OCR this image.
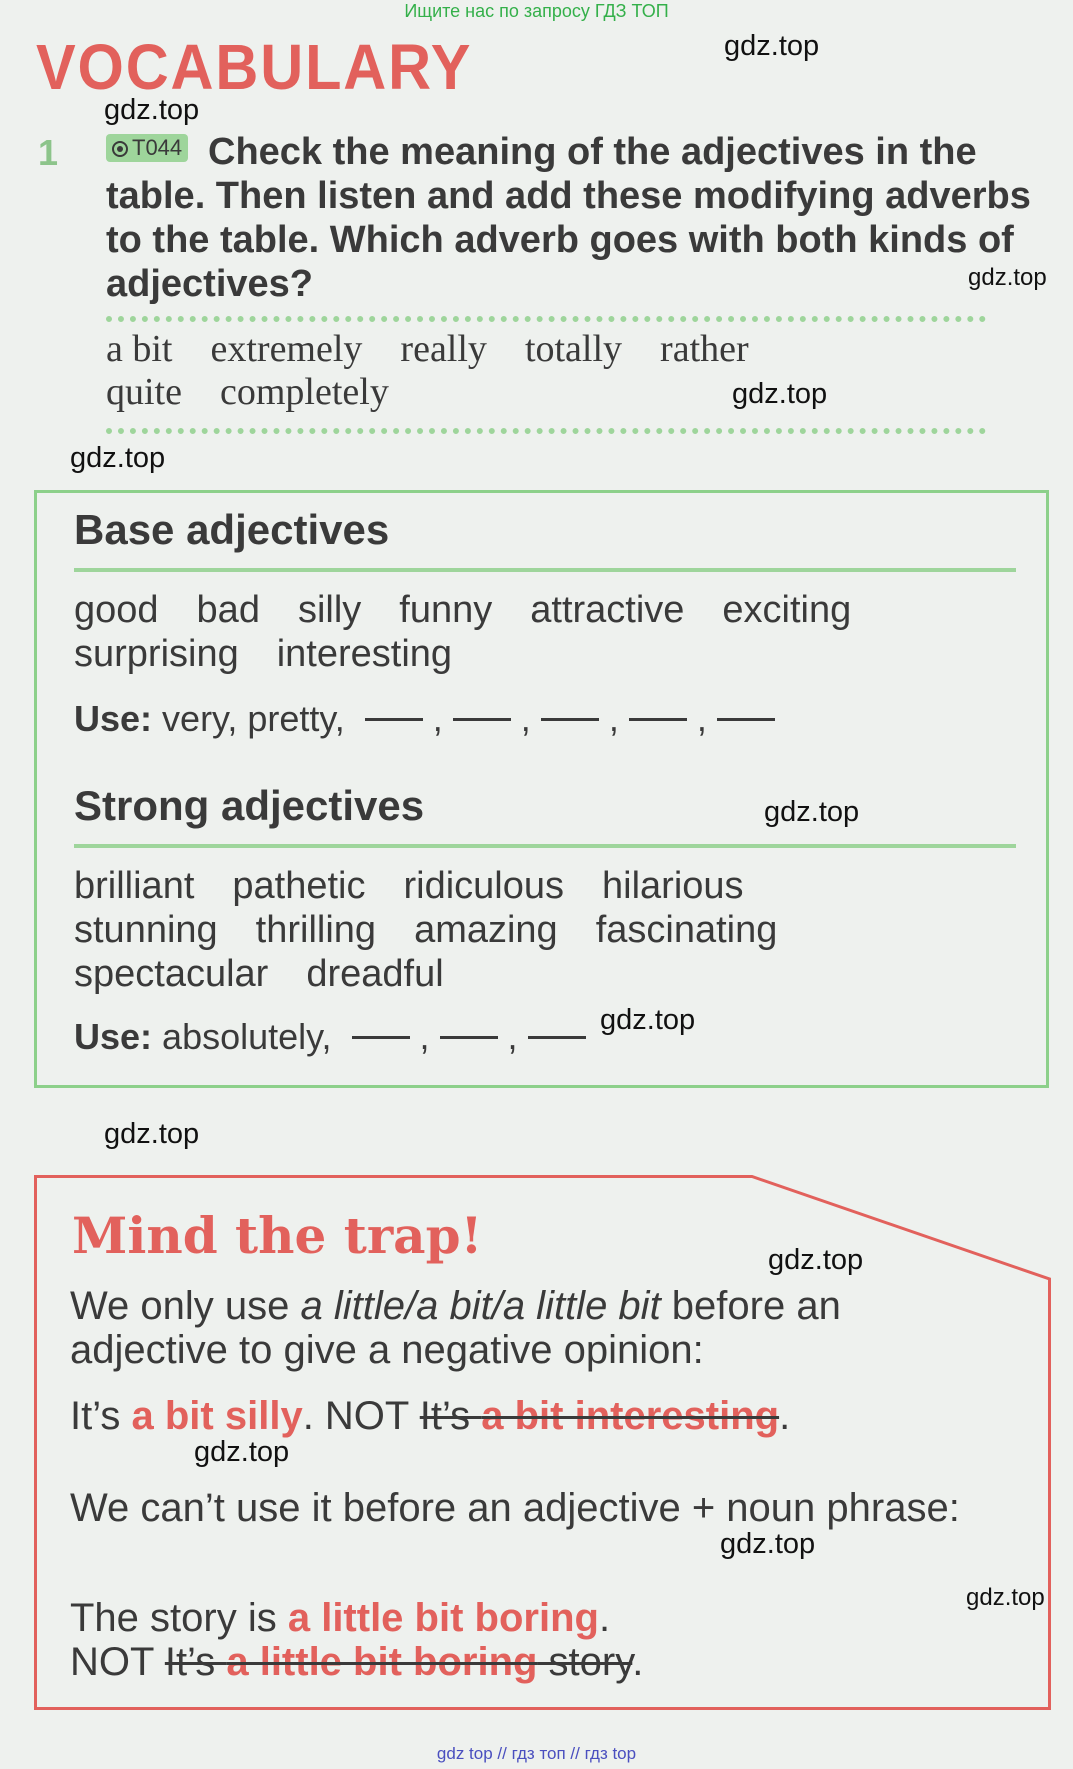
Ищите нас по запросу ГДЗ ТОП
VOCABULARY
1	Check the meaning of the adjectives in the table. Then listen and add these modifying adverbs to the table. Which adverb goes with both kinds of adjectives?
T044
a bit extremely really totally rather
quite completely
Base adjectives
good bad silly funny attractive exciting
surprising interesting
Use: very, pretty, , , , ,
Strong adjectives
brilliant pathetic ridiculous hilarious
stunning thrilling amazing fascinating
spectacular dreadful
Use: absolutely, , ,
Mind the trap!
We only use a little/a bit/a little bit before an adjective to give a negative opinion:
It’s a bit silly. NOT It’s a bit interesting.
We can’t use it before an adjective + noun phrase:
The story is a little bit boring.
NOT It’s a little bit boring story.
gdz.top
gdz.top
gdz.top
gdz.top
gdz.top
gdz.top
gdz.top
gdz.top
gdz.top
gdz.top
gdz.top
gdz.top
gdz top // гдз топ // гдз top
